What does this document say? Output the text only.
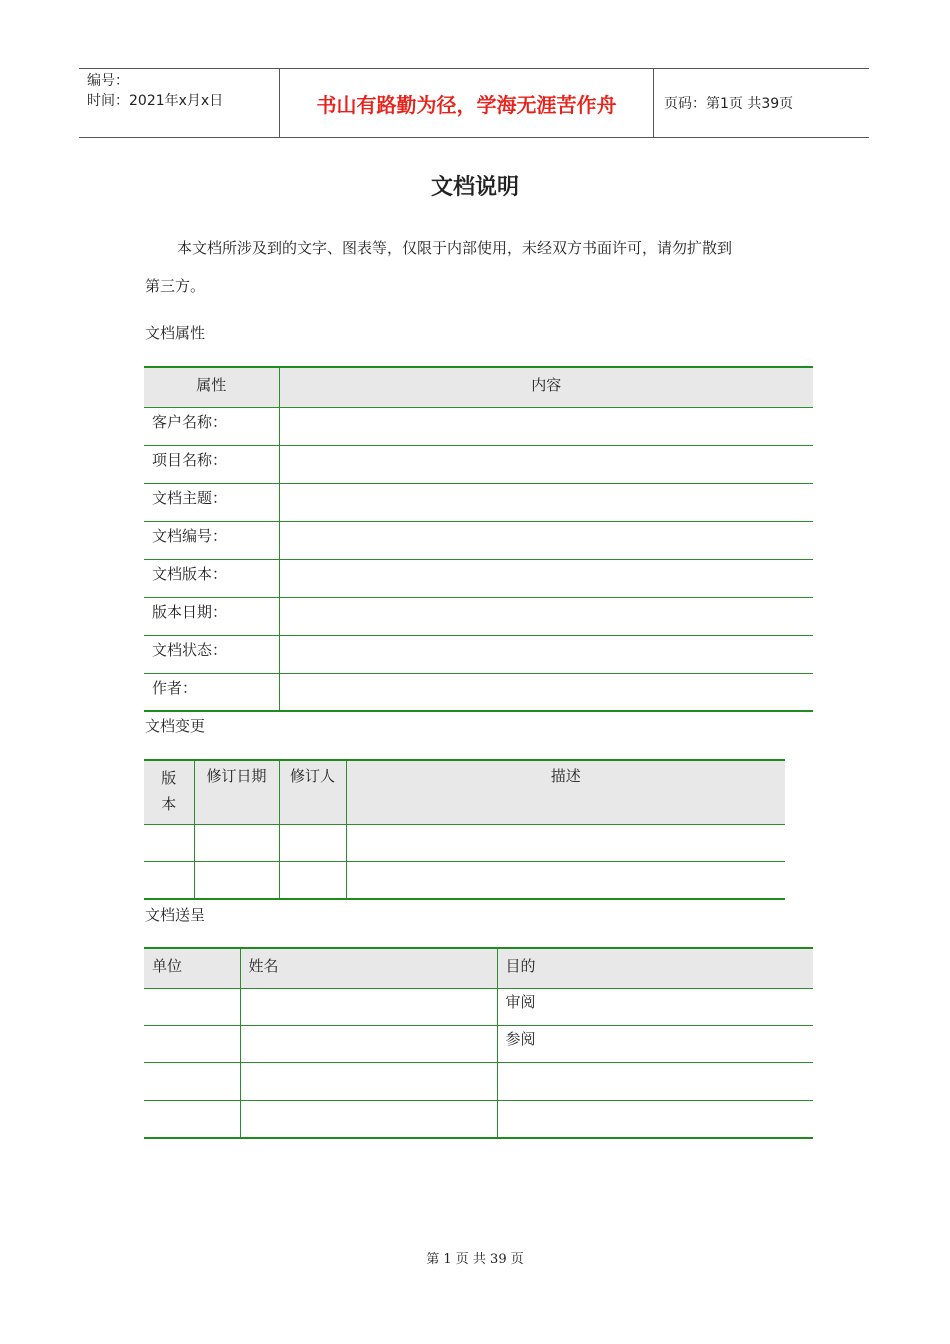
编号：
时间：2021年x月x日	书山有路勤为径，学海无涯苦作舟	页码：第1页 共39页
文档说明
本文档所涉及到的文字、图表等，仅限于内部使用，未经双方书面许可，请勿扩散到
第三方。
文档属性
属性	内容
客户名称：	
项目名称：	
文档主题：	
文档编号：	
文档版本：	
版本日期：	
文档状态：	
作者：	
文档变更
版本	修订日期	修订人	描述

文档送呈
单位	姓名	目的
		审阅
		参阅

第 1 页 共 39 页
